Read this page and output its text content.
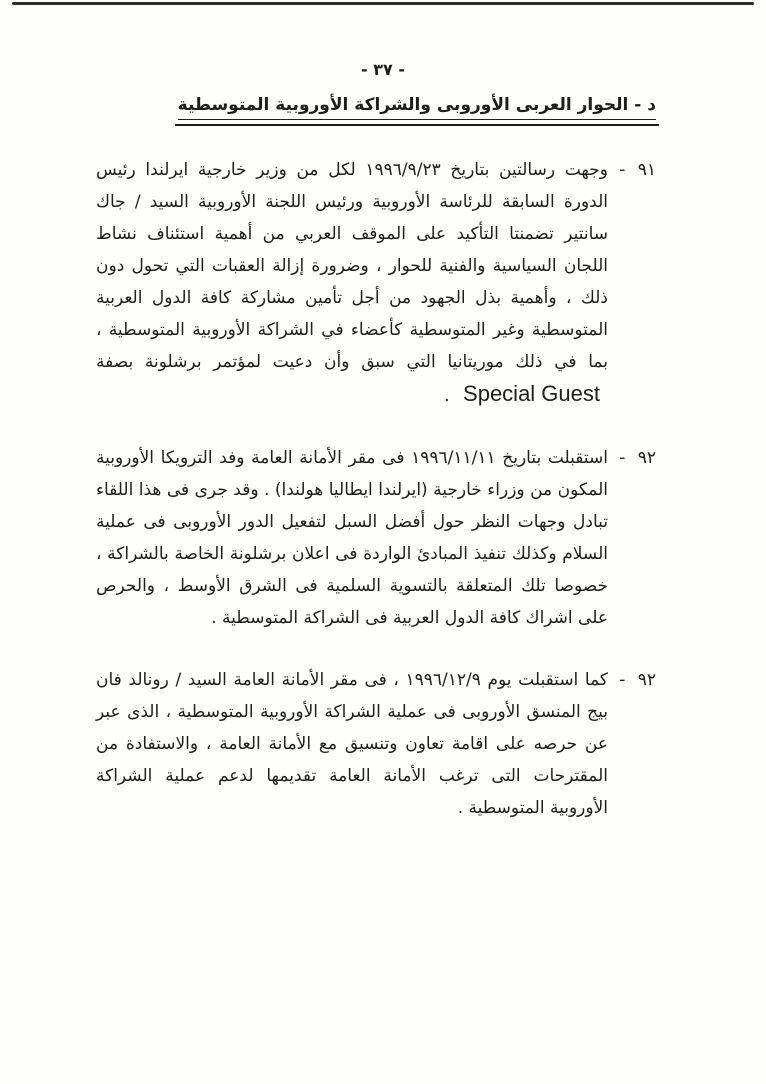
- ٣٧ -
د - الحوار العربى الأوروبى والشراكة الأوروبية المتوسطية
٩١ -
وجهت رسالتين بتاريخ ١٩٩٦/٩/٢٣ لكل من وزير خارجية ايرلندا رئيس الدورة السابقة للرئاسة الأوروبية ورئيس اللجنة الأوروبية السيد / جاك سانتير تضمنتا التأكيد على الموقف العربي من أهمية استئناف نشاط اللجان السياسية والفنية للحوار ، وضرورة إزالة العقبات التي تحول دون ذلك ، وأهمية بذل الجهود من أجل تأمين مشاركة كافة الدول العربية المتوسطية وغير المتوسطية كأعضاء في الشراكة الأوروبية المتوسطية ، بما في ذلك موريتانيا التي سبق وأن دعيت لمؤتمر برشلونة بصفة Special Guest .
٩٢ -
استقبلت بتاريخ ١٩٩٦/١١/١١ فى مقر الأمانة العامة وفد الترويكا الأوروبية المكون من وزراء خارجية (ايرلندا ايطاليا هولندا) . وقد جرى فى هذا اللقاء تبادل وجهات النظر حول أفضل السبل لتفعيل الدور الأوروبى فى عملية السلام وكذلك تنفيذ المبادئ الواردة فى اعلان برشلونة الخاصة بالشراكة ، خصوصا تلك المتعلقة بالتسوية السلمية فى الشرق الأوسط ، والحرص على اشراك كافة الدول العربية فى الشراكة المتوسطية .
٩٢ -
كما استقبلت يوم ١٩٩٦/١٢/٩ ، فى مقر الأمانة العامة السيد / رونالد فان بيج المنسق الأوروبى فى عملية الشراكة الأوروبية المتوسطية ، الذى عبر عن حرصه على اقامة تعاون وتنسيق مع الأمانة العامة ، والاستفادة من المقترحات التى ترغب الأمانة العامة تقديمها لدعم عملية الشراكة الأوروبية المتوسطية .
